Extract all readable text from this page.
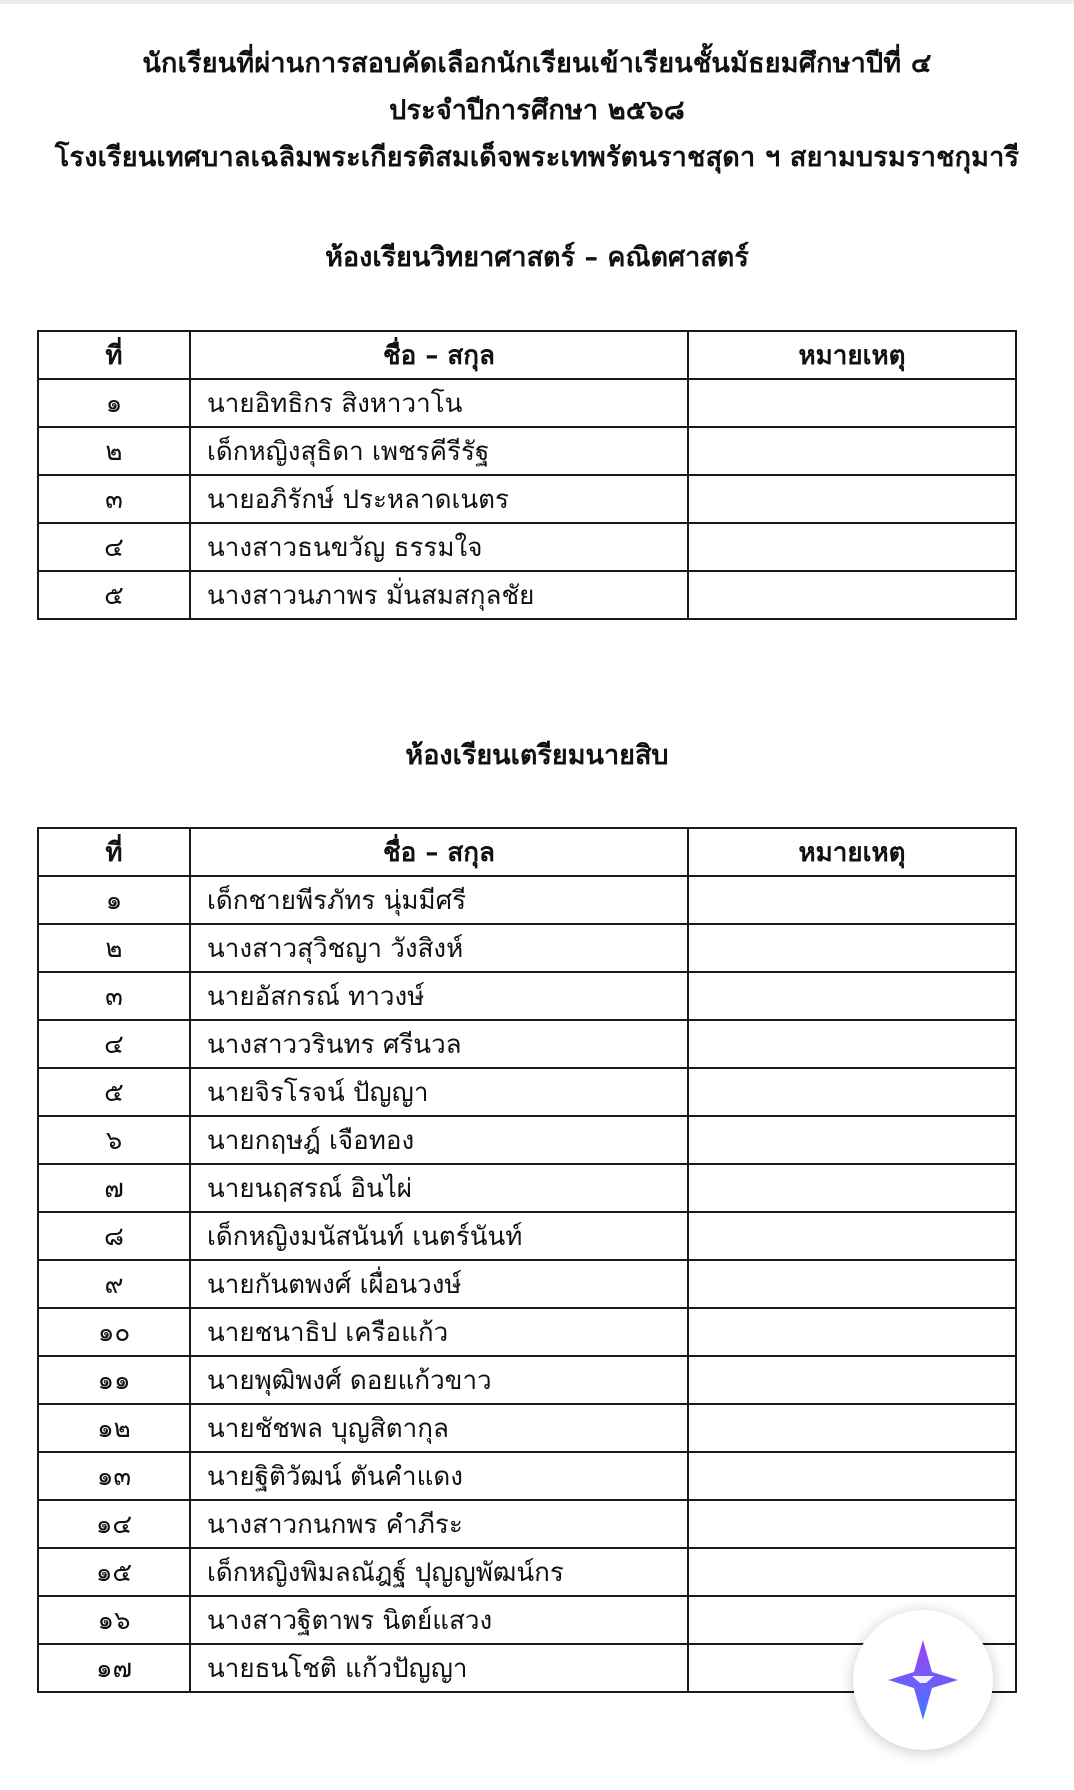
นักเรียนที่ผ่านการสอบคัดเลือกนักเรียนเข้าเรียนชั้นมัธยมศึกษาปีที่ ๔
ประจำปีการศึกษา ๒๕๖๘
โรงเรียนเทศบาลเฉลิมพระเกียรติสมเด็จพระเทพรัตนราชสุดา ฯ สยามบรมราชกุมารี
ห้องเรียนวิทยาศาสตร์ – คณิตศาสตร์
ที่	ชื่อ – สกุล	หมายเหตุ
๑	นายอิทธิกร สิงหาวาโน	
๒	เด็กหญิงสุธิดา เพชรคีรีรัฐ	
๓	นายอภิรักษ์ ประหลาดเนตร	
๔	นางสาวธนขวัญ ธรรมใจ	
๕	นางสาวนภาพร มั่นสมสกุลชัย	
ห้องเรียนเตรียมนายสิบ
ที่	ชื่อ – สกุล	หมายเหตุ
๑	เด็กชายพีรภัทร นุ่มมีศรี	
๒	นางสาวสุวิชญา วังสิงห์	
๓	นายอัสกรณ์ ทาวงษ์	
๔	นางสาววรินทร ศรีนวล	
๕	นายจิรโรจน์ ปัญญา	
๖	นายกฤษฎ์ เจือทอง	
๗	นายนฤสรณ์ อินไผ่	
๘	เด็กหญิงมนัสนันท์ เนตร์นันท์	
๙	นายกันตพงศ์ เผื่อนวงษ์	
๑๐	นายชนาธิป เครือแก้ว	
๑๑	นายพุฒิพงศ์ ดอยแก้วขาว	
๑๒	นายชัชพล บุญสิตากุล	
๑๓	นายฐิติวัฒน์ ตันคำแดง	
๑๔	นางสาวกนกพร คำภีระ	
๑๕	เด็กหญิงพิมลณัฎฐ์ ปุญญพัฒน์กร	
๑๖	นางสาวฐิตาพร นิตย์แสวง	
๑๗	นายธนโชติ แก้วปัญญา	
